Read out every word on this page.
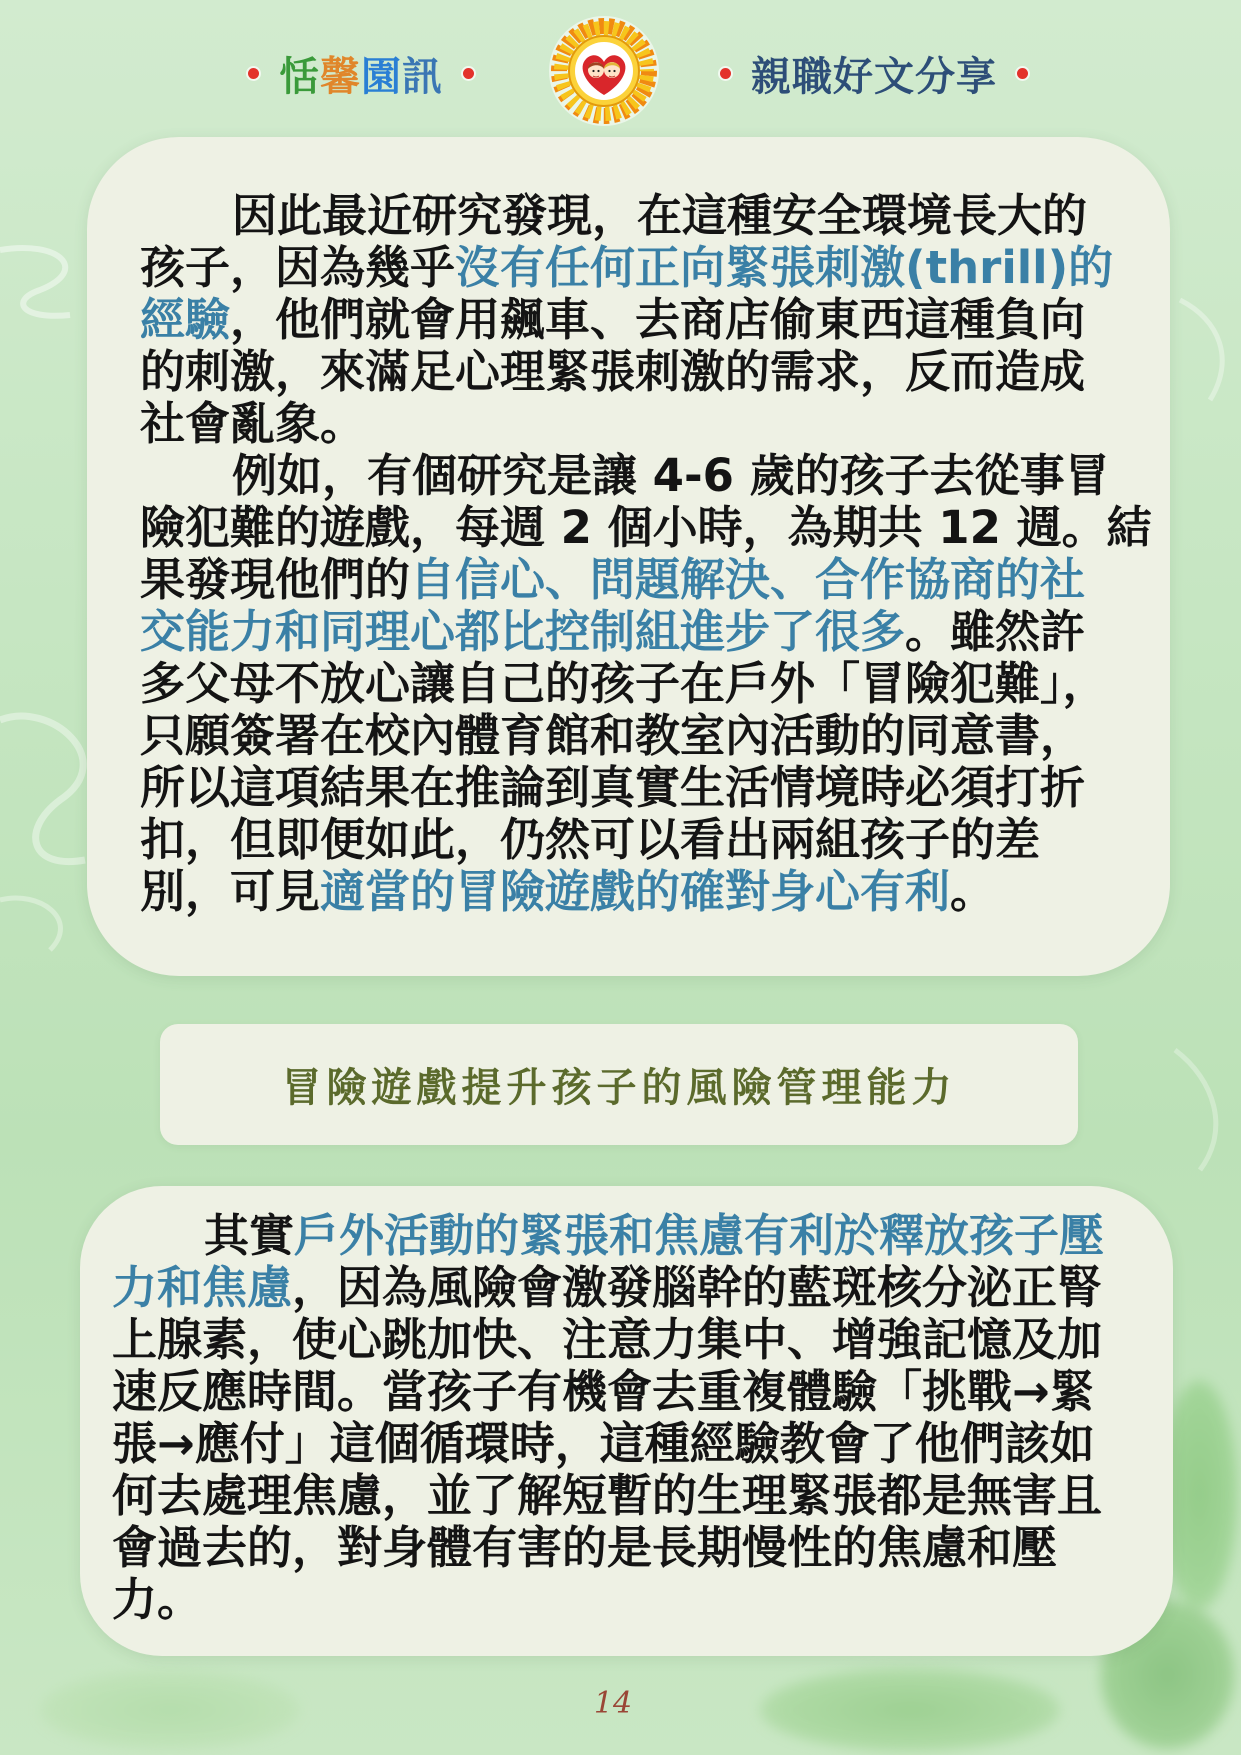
恬馨園訊	親職好文分享
因此最近研究發現，在這種安全環境長大的
孩子，因為幾乎沒有任何正向緊張刺激(thrill)的
經驗，他們就會用飆車、去商店偷東西這種負向
的刺激，來滿足心理緊張刺激的需求，反而造成
社會亂象。
例如，有個研究是讓 4-6 歲的孩子去從事冒
險犯難的遊戲，每週 2 個小時，為期共 12 週。結
果發現他們的自信心、問題解決、合作協商的社
交能力和同理心都比控制組進步了很多。雖然許
多父母不放心讓自己的孩子在戶外「冒險犯難」，
只願簽署在校內體育館和教室內活動的同意書，
所以這項結果在推論到真實生活情境時必須打折
扣，但即便如此，仍然可以看出兩組孩子的差
別，可見適當的冒險遊戲的確對身心有利。
冒險遊戲提升孩子的風險管理能力
其實戶外活動的緊張和焦慮有利於釋放孩子壓
力和焦慮，因為風險會激發腦幹的藍斑核分泌正腎
上腺素，使心跳加快、注意力集中、增強記憶及加
速反應時間。當孩子有機會去重複體驗「挑戰→緊
張→應付」這個循環時，這種經驗教會了他們該如
何去處理焦慮，並了解短暫的生理緊張都是無害且
會過去的，對身體有害的是長期慢性的焦慮和壓
力。
14
